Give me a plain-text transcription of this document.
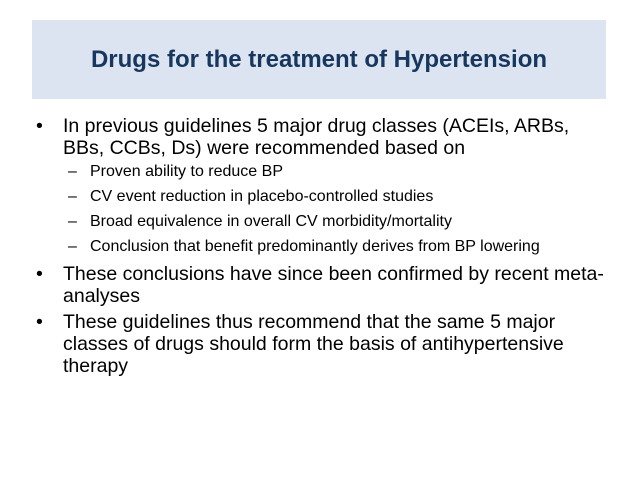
Drugs for the treatment of Hypertension
• In previous guidelines 5 major drug classes (ACEIs, ARBs, BBs, CCBs, Ds) were recommended based on
– Proven ability to reduce BP
– CV event reduction in placebo-controlled studies
– Broad equivalence in overall CV morbidity/mortality
– Conclusion that benefit predominantly derives from BP lowering
• These conclusions have since been confirmed by recent meta-analyses
• These guidelines thus recommend that the same 5 major classes of drugs should form the basis of antihypertensive therapy
